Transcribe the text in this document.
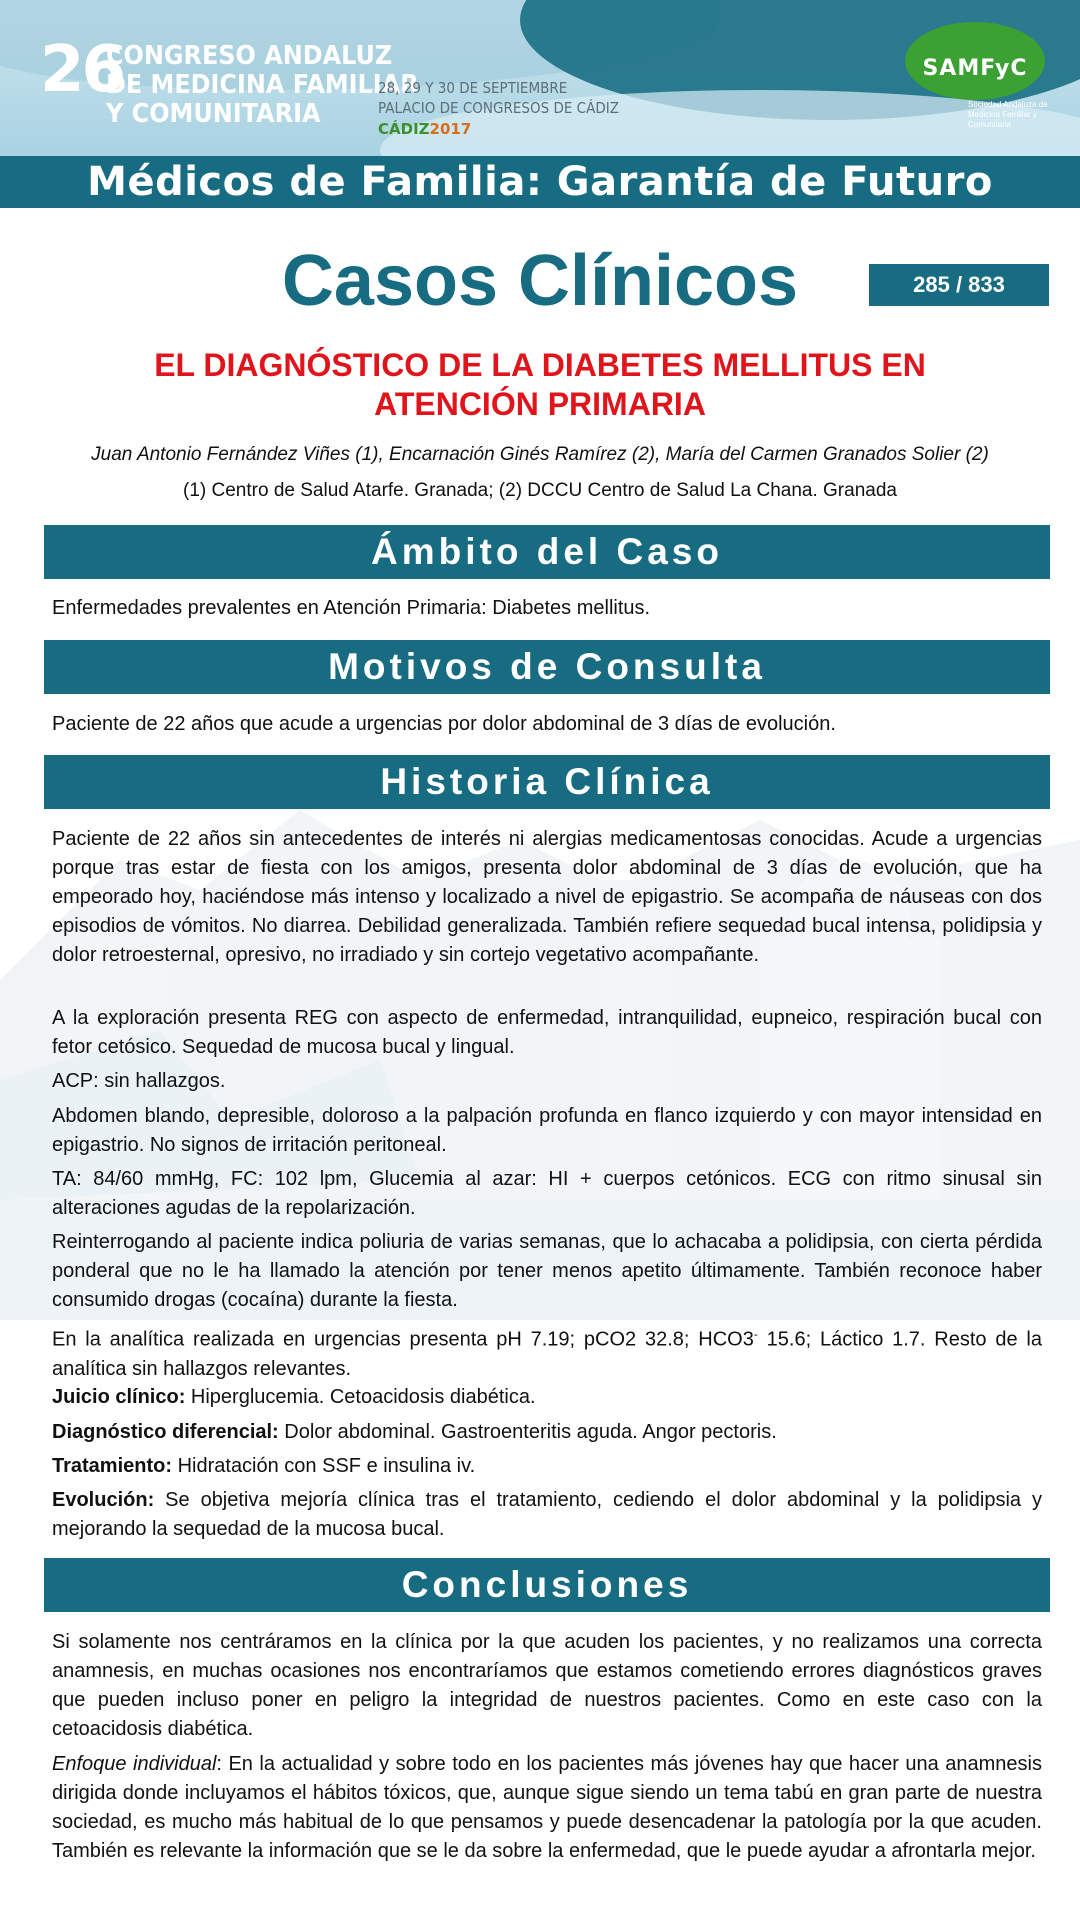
26
CONGRESO ANDALUZ
DE MEDICINA FAMILIAR
Y COMUNITARIA
28, 29 Y 30 DE SEPTIEMBRE
PALACIO DE CONGRESOS DE CÁDIZ
CÁDIZ2017
SAMFyC
Sociedad Andaluza de Medicina Familiar y Comunitaria
Médicos de Familia: Garantía de Futuro
Casos Clínicos	285 / 833
EL DIAGNÓSTICO DE LA DIABETES MELLITUS EN
ATENCIÓN PRIMARIA
Juan Antonio Fernández Viñes (1), Encarnación Ginés Ramírez (2), María del Carmen Granados Solier (2)
(1) Centro de Salud Atarfe. Granada; (2) DCCU Centro de Salud La Chana. Granada
Ámbito del Caso

Enfermedades prevalentes en Atención Primaria: Diabetes mellitus.

Motivos de Consulta

Paciente de 22 años que acude a urgencias por dolor abdominal de 3 días de evolución.

Historia Clínica

Paciente de 22 años sin antecedentes de interés ni alergias medicamentosas conocidas. Acude a urgencias porque tras estar de fiesta con los amigos, presenta dolor abdominal de 3 días de evolución, que ha empeorado hoy, haciéndose más intenso y localizado a nivel de epigastrio. Se acompaña de náuseas con dos episodios de vómitos. No diarrea. Debilidad generalizada. También refiere sequedad bucal intensa, polidipsia y dolor retroesternal, opresivo, no irradiado y sin cortejo vegetativo acompañante.

A la exploración presenta REG con aspecto de enfermedad, intranquilidad, eupneico, respiración bucal con fetor cetósico. Sequedad de mucosa bucal y lingual.

ACP: sin hallazgos.

Abdomen blando, depresible, doloroso a la palpación profunda en flanco izquierdo y con mayor intensidad en epigastrio. No signos de irritación peritoneal.

TA: 84/60 mmHg, FC: 102 lpm, Glucemia al azar: HI + cuerpos cetónicos. ECG con ritmo sinusal sin alteraciones agudas de la repolarización.

Reinterrogando al paciente indica poliuria de varias semanas, que lo achacaba a polidipsia, con cierta pérdida ponderal que no le ha llamado la atención por tener menos apetito últimamente. También reconoce haber consumido drogas (cocaína) durante la fiesta.

En la analítica realizada en urgencias presenta pH 7.19; pCO2 32.8; HCO3- 15.6; Láctico 1.7. Resto de la analítica sin hallazgos relevantes.

Juicio clínico: Hiperglucemia. Cetoacidosis diabética.

Diagnóstico diferencial: Dolor abdominal. Gastroenteritis aguda. Angor pectoris.

Tratamiento: Hidratación con SSF e insulina iv.

Evolución: Se objetiva mejoría clínica tras el tratamiento, cediendo el dolor abdominal y la polidipsia y mejorando la sequedad de la mucosa bucal.

Conclusiones

Si solamente nos centráramos en la clínica por la que acuden los pacientes, y no realizamos una correcta anamnesis, en muchas ocasiones nos encontraríamos que estamos cometiendo errores diagnósticos graves que pueden incluso poner en peligro la integridad de nuestros pacientes. Como en este caso con la cetoacidosis diabética.

Enfoque individual: En la actualidad y sobre todo en los pacientes más jóvenes hay que hacer una anamnesis dirigida donde incluyamos el hábitos tóxicos, que, aunque sigue siendo un tema tabú en gran parte de nuestra sociedad, es mucho más habitual de lo que pensamos y puede desencadenar la patología por la que acuden. También es relevante la información que se le da sobre la enfermedad, que le puede ayudar a afrontarla mejor.
